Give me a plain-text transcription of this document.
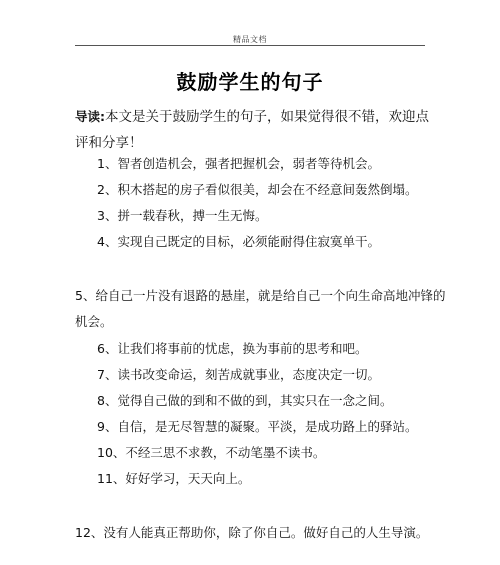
精品文档
鼓励学生的句子
导读:本文是关于鼓励学生的句子，如果觉得很不错，欢迎点评和分享！
1、智者创造机会，强者把握机会，弱者等待机会。
2、积木搭起的房子看似很美，却会在不经意间轰然倒塌。
3、拼一载春秋，搏一生无悔。
4、实现自己既定的目标，必须能耐得住寂寞单干。
5、给自己一片没有退路的悬崖，就是给自己一个向生命高地冲锋的
机会。
6、让我们将事前的忧虑，换为事前的思考和吧。
7、读书改变命运，刻苦成就事业，态度决定一切。
8、觉得自己做的到和不做的到，其实只在一念之间。
9、自信，是无尽智慧的凝聚。平淡，是成功路上的驿站。
10、不经三思不求教，不动笔墨不读书。
11、好好学习，天天向上。
12、没有人能真正帮助你，除了你自己。做好自己的人生导演。
